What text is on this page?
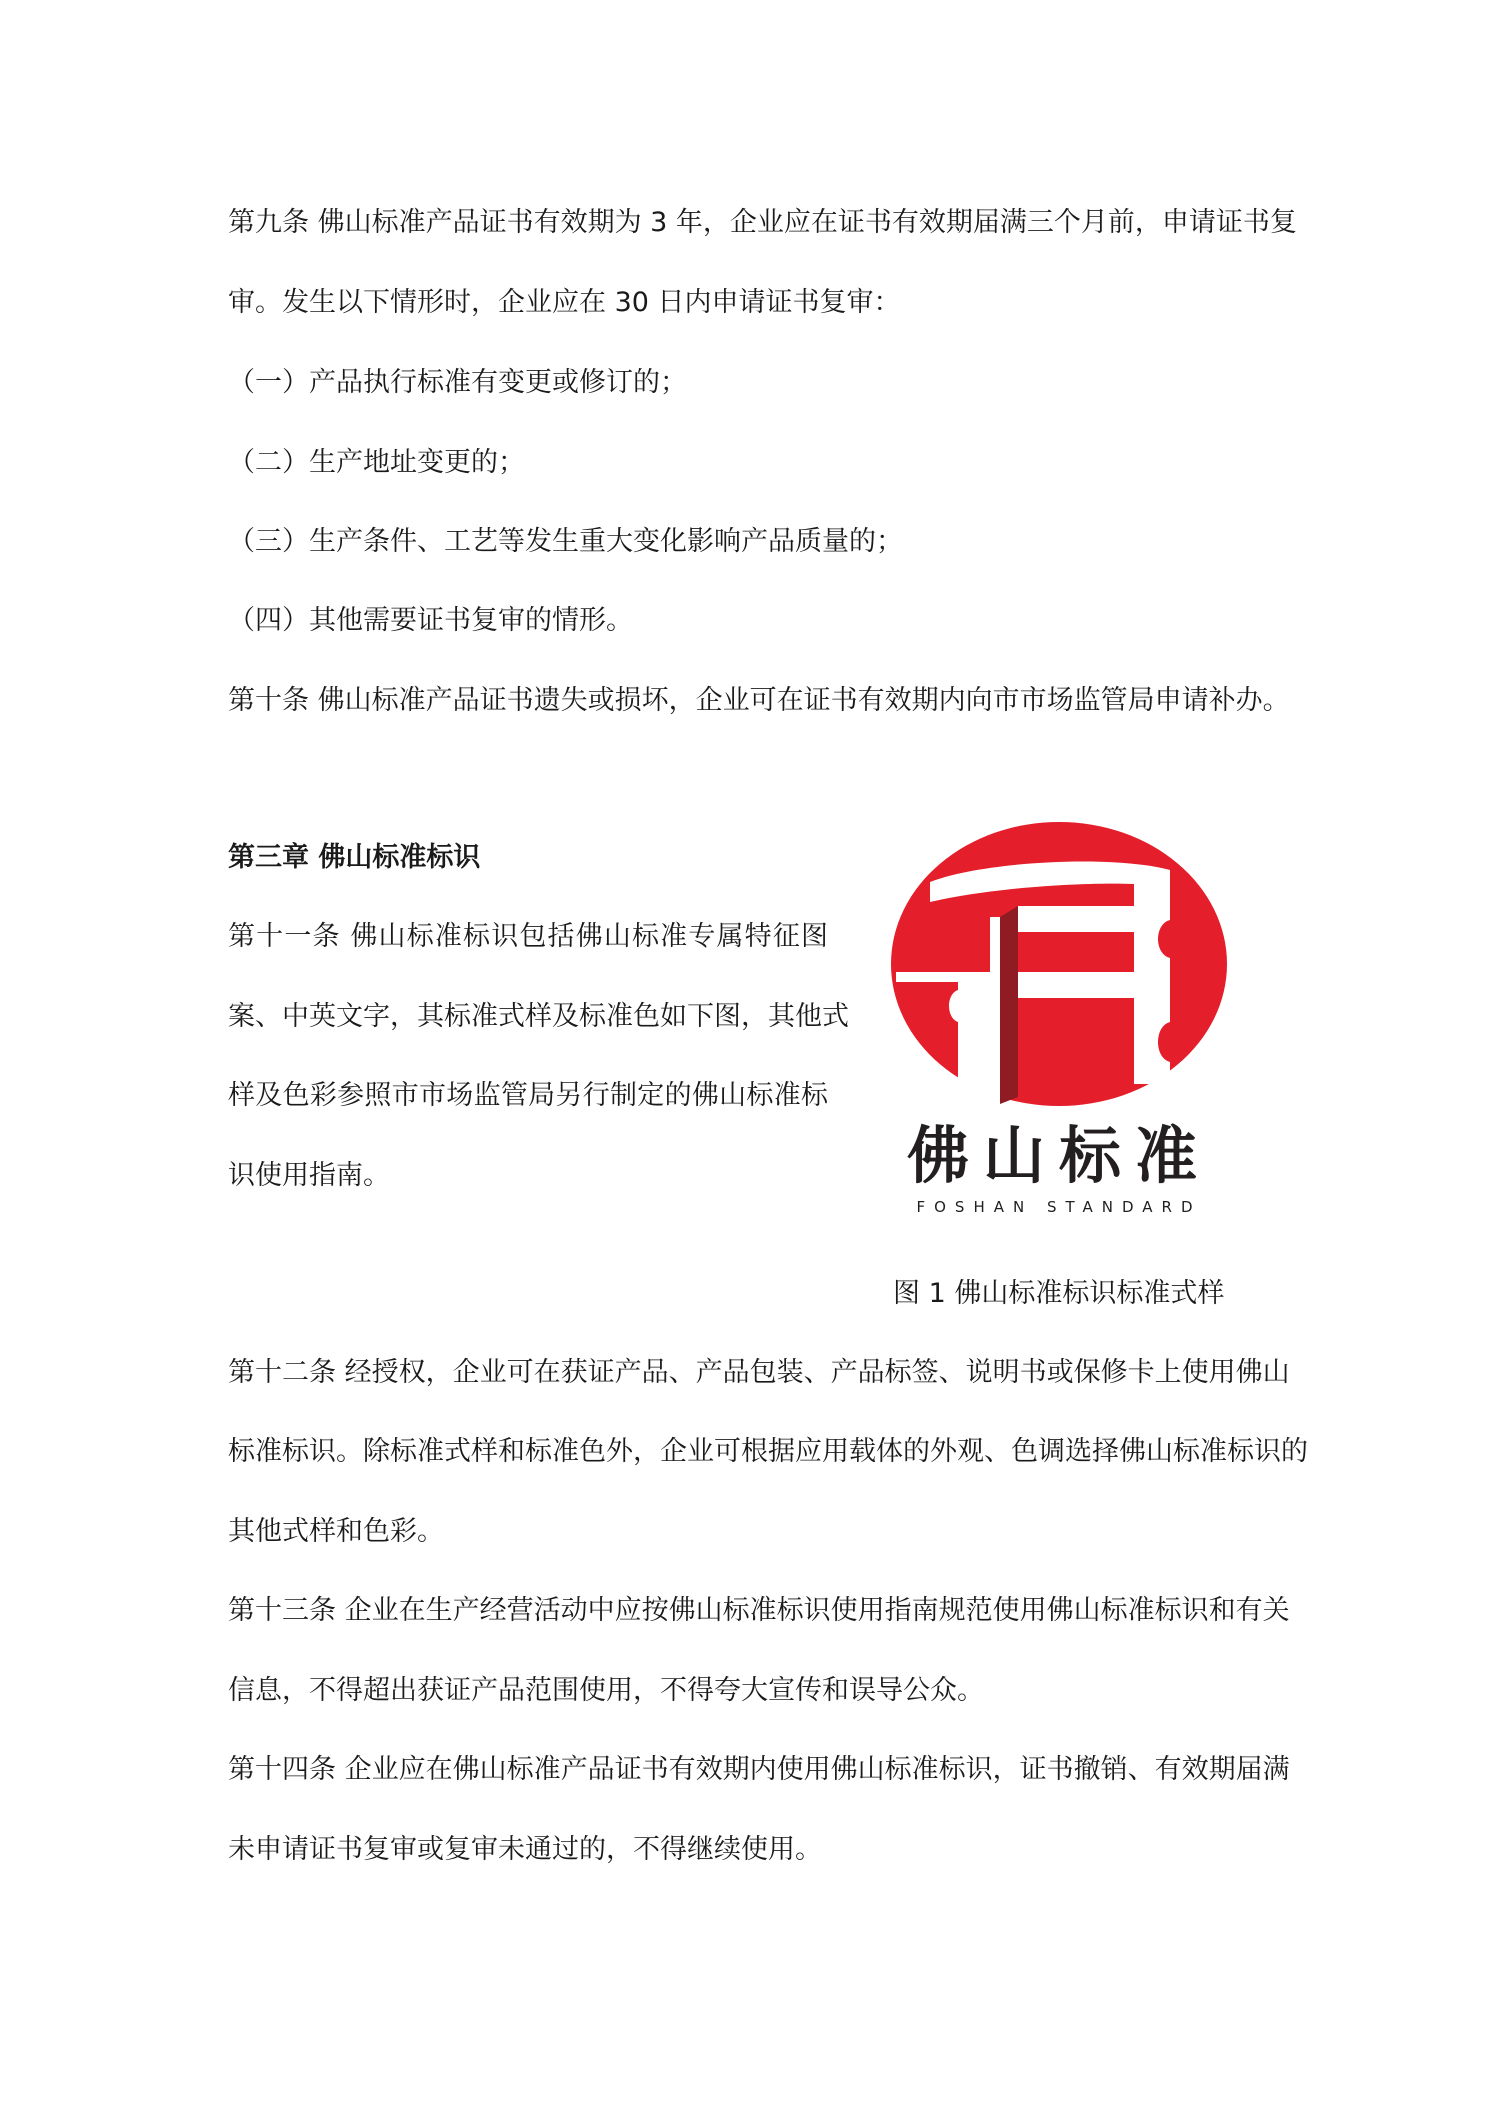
第九条 佛山标准产品证书有效期为 3 年，企业应在证书有效期届满三个月前，申请证书复
审。发生以下情形时，企业应在 30 日内申请证书复审：
（一）产品执行标准有变更或修订的；
（二）生产地址变更的；
（三）生产条件、工艺等发生重大变化影响产品质量的；
（四）其他需要证书复审的情形。
第十条 佛山标准产品证书遗失或损坏，企业可在证书有效期内向市市场监管局申请补办。
第三章 佛山标准标识
第十一条 佛山标准标识包括佛山标准专属特征图
案、中英文字，其标准式样及标准色如下图，其他式
样及色彩参照市市场监管局另行制定的佛山标准标
识使用指南。	佛山标准
FOSHAN STANDARD
图 1 佛山标准标识标准式样
第十二条 经授权，企业可在获证产品、产品包装、产品标签、说明书或保修卡上使用佛山
标准标识。除标准式样和标准色外，企业可根据应用载体的外观、色调选择佛山标准标识的
其他式样和色彩。
第十三条 企业在生产经营活动中应按佛山标准标识使用指南规范使用佛山标准标识和有关
信息，不得超出获证产品范围使用，不得夸大宣传和误导公众。
第十四条 企业应在佛山标准产品证书有效期内使用佛山标准标识，证书撤销、有效期届满
未申请证书复审或复审未通过的，不得继续使用。
